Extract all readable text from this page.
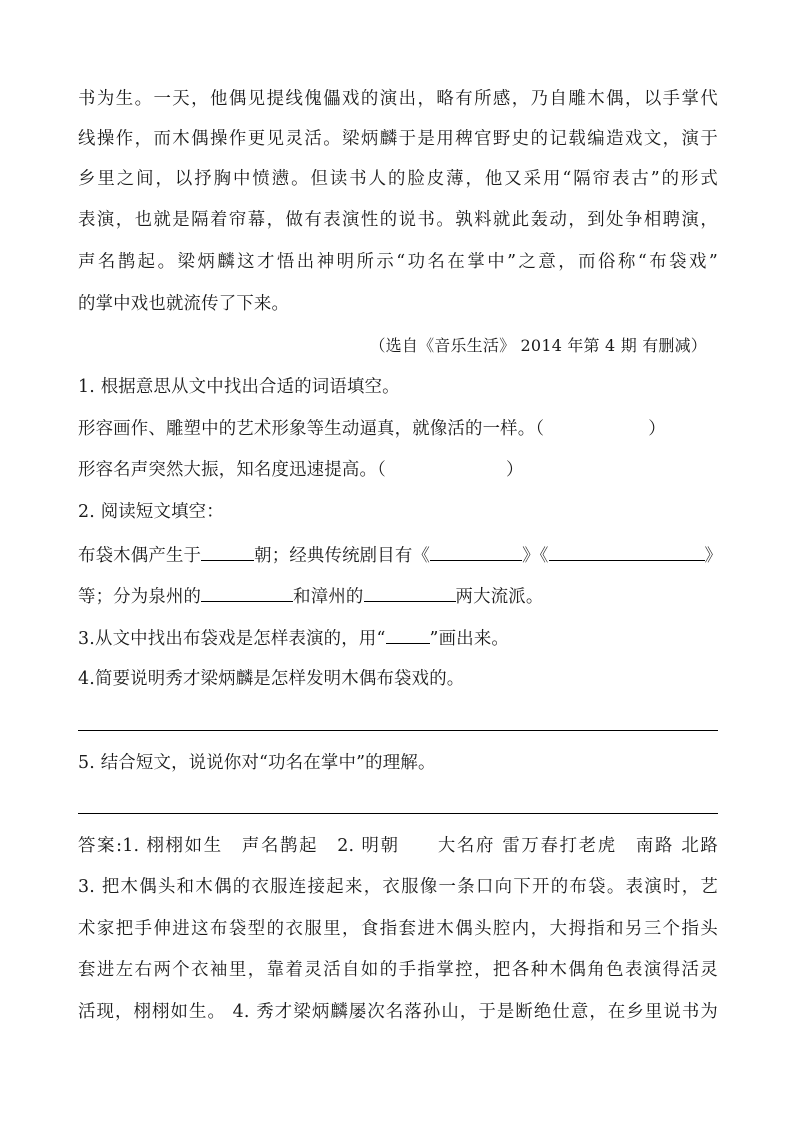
书为生。一天，他偶见提线傀儡戏的演出，略有所感，乃自雕木偶，以手掌代
线操作，而木偶操作更见灵活。梁炳麟于是用稗官野史的记载编造戏文，演于
乡里之间，以抒胸中愤懑。但读书人的脸皮薄，他又采用“隔帘表古”的形式
表演，也就是隔着帘幕，做有表演性的说书。孰料就此轰动，到处争相聘演，
声名鹊起。梁炳麟这才悟出神明所示“功名在掌中”之意，而俗称“布袋戏”
的掌中戏也就流传了下来。
（选自《音乐生活》 2014 年第 4 期 有删减）
1. 根据意思从文中找出合适的词语填空。
形容画作、雕塑中的艺术形象等生动逼真，就像活的一样。（	）
形容名声突然大振，知名度迅速提高。（	）
2. 阅读短文填空：
布袋木偶产生于	朝；经典传统剧目有《	》《	》
等；分为泉州的	和漳州的	两大流派。
3.从文中找出布袋戏是怎样表演的，用“	”画出来。
4.简要说明秀才梁炳麟是怎样发明木偶布袋戏的。
5. 结合短文，说说你对“功名在掌中”的理解。
答案:1. 栩栩如生　声名鹊起　2. 明朝　　大名府 雷万春打老虎　南路 北路
3. 把木偶头和木偶的衣服连接起来，衣服像一条口向下开的布袋。表演时，艺
术家把手伸进这布袋型的衣服里，食指套进木偶头腔内，大拇指和另三个指头
套进左右两个衣袖里，靠着灵活自如的手指掌控，把各种木偶角色表演得活灵
活现，栩栩如生。 4. 秀才梁炳麟屡次名落孙山，于是断绝仕意，在乡里说书为
